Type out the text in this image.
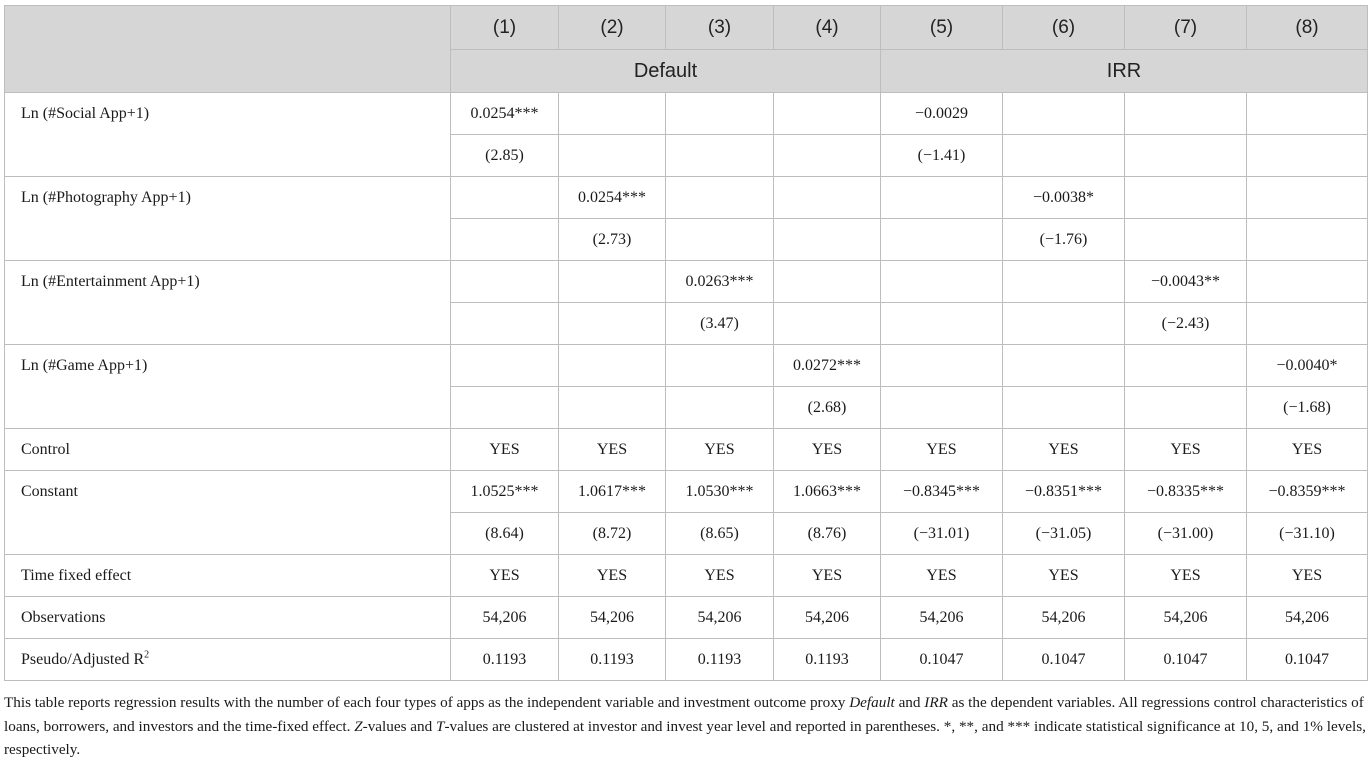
	(1)	(2)	(3)	(4)	(5)	(6)	(7)	(8)
	Default				IRR			
Ln (#Social App+1)	0.0254***				−0.0029			
	(2.85)				(−1.41)			
Ln (#Photography App+1)		0.0254***				−0.0038*		
		(2.73)				(−1.76)		
Ln (#Entertainment App+1)			0.0263***				−0.0043**	
			(3.47)				(−2.43)	
Ln (#Game App+1)				0.0272***				−0.0040*
				(2.68)				(−1.68)
Control	YES	YES	YES	YES	YES	YES	YES	YES
Constant	1.0525***	1.0617***	1.0530***	1.0663***	−0.8345***	−0.8351***	−0.8335***	−0.8359***
	(8.64)	(8.72)	(8.65)	(8.76)	(−31.01)	(−31.05)	(−31.00)	(−31.10)
Time fixed effect	YES	YES	YES	YES	YES	YES	YES	YES
Observations	54,206	54,206	54,206	54,206	54,206	54,206	54,206	54,206
Pseudo/Adjusted $R^2$	0.1193	0.1193	0.1193	0.1193	0.1047	0.1047	0.1047	0.1047
This table reports regression results with the number of each four types of apps as the independent variable and investment outcome proxy Default and IRR as the dependent variables. All regressions control characteristics of loans, borrowers, and investors and the time-fixed effect. Z-values and T-values are clustered at investor and invest year level and reported in parentheses. *, **, and *** indicate statistical significance at 10, 5, and 1% levels, respectively.
